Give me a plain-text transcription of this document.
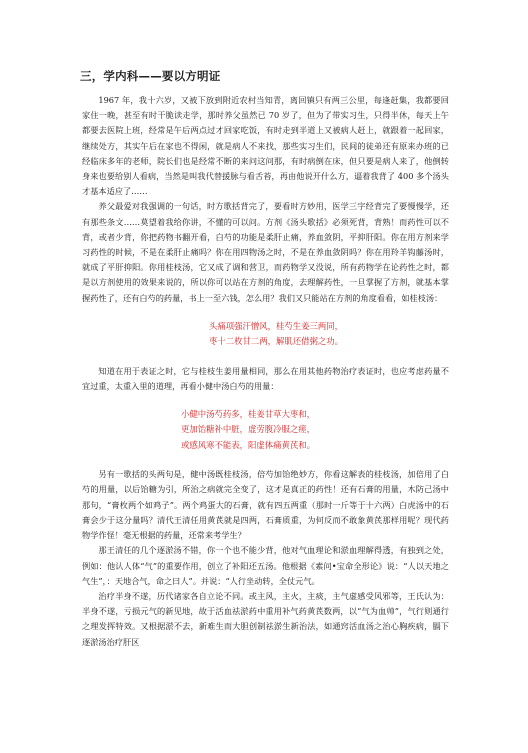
三，学内科——要以方明证

1967 年，我十六岁，又被下放到附近农村当知青，离回镇只有两三公里，每逢赶集，我都要回家住一晚，甚至有时干脆读走学，那时养父虽然已 70 岁了，但为了带实习生，只得半休，每天上午都要去医院上班，经常是午后两点过才回家吃饭，有时走到半道上又被病人赶上，就跟着一起回家，继续处方，其实午后在家也不得闲，就是病人不来找，那些实习生们，民间的徒弟还有原来办班的已经临床多年的老师，院长们也是经常不断的来问这问那，有时病倒在床，但只要是病人来了，他倒转身来也要给别人看病，当然是叫我代替援脉与看舌苔，再由他说开什么方，逼着我背了 400 多个汤头才基本适应了……

养父最爱对我强调的一句话，时方歌括背完了，要看时方妙用，医学三字经背完了要慢慢学，还有那些条文……莫望着我给你讲，不懂的可以问。方剂《汤头歌括》必须死背，背熟！而药性可以不背，或者少背，你把药物书翻开看，白芍的功能是柔肝止痛，养血敛阴，平抑肝阳。你在用方剂来学习药性的时候，不是在柔肝止痛吗？你在用四物汤之时，不是在养血敛阴吗？你在用羚羊钩藤汤时，就成了平肝抑阳。你用桂枝汤，它又成了调和营卫，而药物学又没说，所有药物学在论药性之时，都是以方剂使用的效果来说的，所以你可以站在方剂的角度，去理解药性，一旦掌握了方剂，就基本掌握药性了，还有白芍的药量，书上一至六钱，怎么用？我们又只能站在方剂的角度看看，如桂枝汤：

头痛项强汗憎风，桂芍生姜三两同，
枣十二枚甘二两，解肌还借粥之功。

知道在用于表证之时，它与桂枝生姜用量相同，那么在用其他药物治疗表证时，也应考虑药量不宜过重，太重入里的道理，再看小健中汤白芍的用量：

小健中汤芍药多，桂姜甘草大枣和，
更加饴糖补中脏，虚劳腹冷服之瘥，
或感风寒不能表，阳虚体痛黄芪和。

另有一歌括的头两句是，健中汤既桂枝汤，倍芍加饴绝妙方，你看这解表的桂枝汤，加倍用了白芍的用量，以后饴糖为引，所治之病就完全变了，这才是真正的药性！还有石膏的用量，木防己汤中那句，“膏枚两个如鸡子”。两个鸡蛋大的石膏，就有四五两重（那时一斤等于十六两）白虎汤中的石膏会少于这分量吗？清代王清任用黄芪就是四两，石膏质重，为何反而不敢象黄芪那样用呢？现代药物学作怪！毫无根据的药量，还常来考学生？

那王清任的几个逐淤汤不错，你一个也不能少背，他对气血理论和淤血理解得透，有独到之处，例如：他认人体“气”的重要作用，创立了补阳还五汤。他根据《素问•宝命全形论》说：“人以天地之气生”，：天地合气，命之曰人”。并说：“人行坐动转，全仗元气。

治疗半身不遂，历代诸家各自立论不同。或主风，主火，主痰，主气虚感受风邪等，王氏认为：半身不遂，亏损元气的新见地，故于活血祛淤药中重用补气药黄芪数两，以“气为血帅”，气行则通行之理发挥特效。又根据淤不去，新难生而大胆创制祛淤生新治法，如通窍活血汤之治心胸疾病，膈下逐淤汤治疗肝区
